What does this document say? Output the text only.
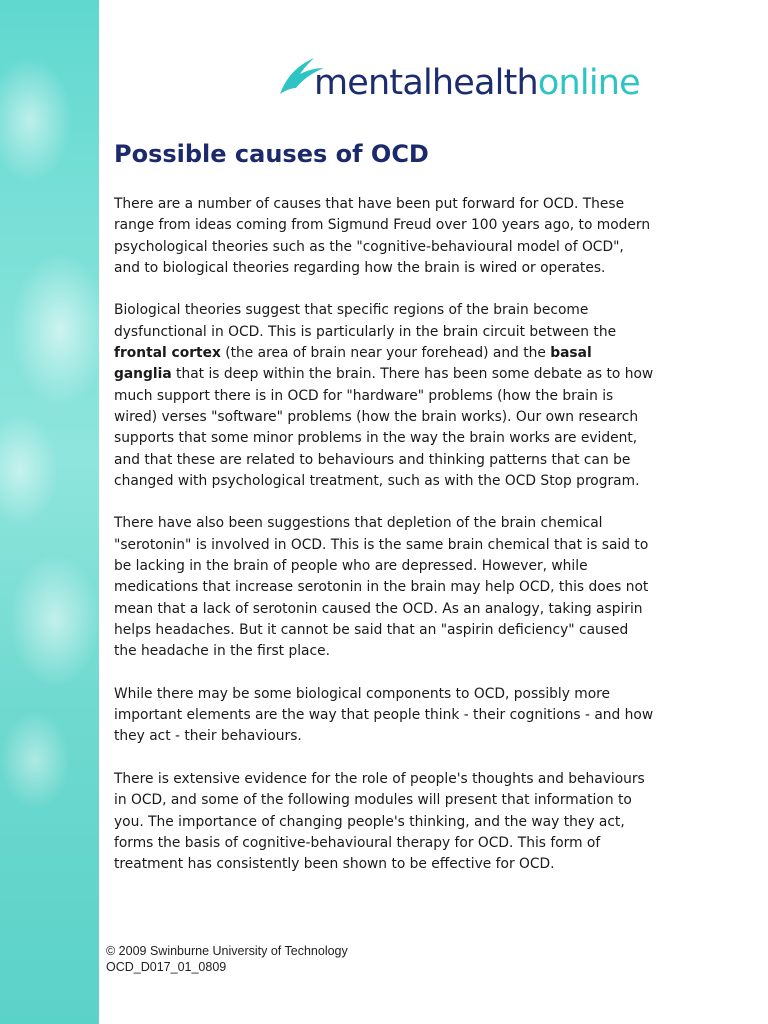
mentalhealthonline
Possible causes of OCD

There are a number of causes that have been put forward for OCD. These range from ideas coming from Sigmund Freud over 100 years ago, to modern psychological theories such as the "cognitive-behavioural model of OCD", and to biological theories regarding how the brain is wired or operates.

Biological theories suggest that specific regions of the brain become dysfunctional in OCD. This is particularly in the brain circuit between the frontal cortex (the area of brain near your forehead) and the basal ganglia that is deep within the brain. There has been some debate as to how much support there is in OCD for "hardware" problems (how the brain is wired) verses "software" problems (how the brain works). Our own research supports that some minor problems in the way the brain works are evident, and that these are related to behaviours and thinking patterns that can be changed with psychological treatment, such as with the OCD Stop program.

There have also been suggestions that depletion of the brain chemical "serotonin" is involved in OCD. This is the same brain chemical that is said to be lacking in the brain of people who are depressed. However, while medications that increase serotonin in the brain may help OCD, this does not mean that a lack of serotonin caused the OCD. As an analogy, taking aspirin helps headaches. But it cannot be said that an "aspirin deficiency" caused the headache in the first place.

While there may be some biological components to OCD, possibly more important elements are the way that people think - their cognitions - and how they act - their behaviours.

There is extensive evidence for the role of people's thoughts and behaviours in OCD, and some of the following modules will present that information to you. The importance of changing people's thinking, and the way they act, forms the basis of cognitive-behavioural therapy for OCD. This form of treatment has consistently been shown to be effective for OCD.

© 2009 Swinburne University of Technology
OCD_D017_01_0809
